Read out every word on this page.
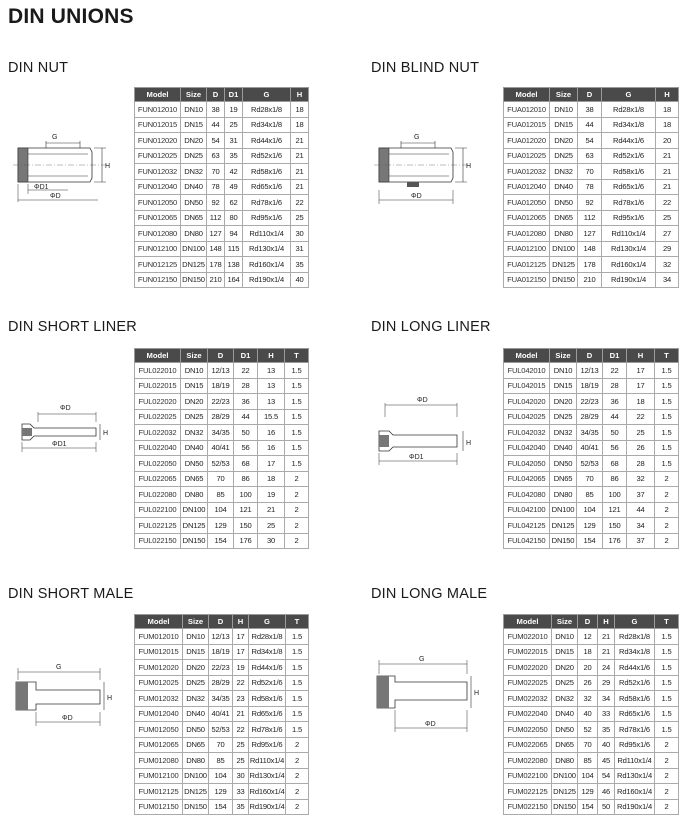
DIN UNIONS
DIN NUT
G
H
ΦD1
ΦD
Model	Size	D	D1	G	H
FUN012010	DN10	38	19	Rd28x1/8	18
FUN012015	DN15	44	25	Rd34x1/8	18
FUN012020	DN20	54	31	Rd44x1/6	21
FUN012025	DN25	63	35	Rd52x1/6	21
FUN012032	DN32	70	42	Rd58x1/6	21
FUN012040	DN40	78	49	Rd65x1/6	21
FUN012050	DN50	92	62	Rd78x1/6	22
FUN012065	DN65	112	80	Rd95x1/6	25
FUN012080	DN80	127	94	Rd110x1/4	30
FUN012100	DN100	148	115	Rd130x1/4	31
FUN012125	DN125	178	138	Rd160x1/4	35
FUN012150	DN150	210	164	Rd190x1/4	40
DIN BLIND NUT
G
H
ΦD
Model	Size	D	G	H
FUA012010	DN10	38	Rd28x1/8	18
FUA012015	DN15	44	Rd34x1/8	18
FUA012020	DN20	54	Rd44x1/6	20
FUA012025	DN25	63	Rd52x1/6	21
FUA012032	DN32	70	Rd58x1/6	21
FUA012040	DN40	78	Rd65x1/6	21
FUA012050	DN50	92	Rd78x1/6	22
FUA012065	DN65	112	Rd95x1/6	25
FUA012080	DN80	127	Rd110x1/4	27
FUA012100	DN100	148	Rd130x1/4	29
FUA012125	DN125	178	Rd160x1/4	32
FUA012150	DN150	210	Rd190x1/4	34
DIN SHORT LINER
ΦD
H
ΦD1
Model	Size	D	D1	H	T
FUL022010	DN10	12/13	22	13	1.5
FUL022015	DN15	18/19	28	13	1.5
FUL022020	DN20	22/23	36	13	1.5
FUL022025	DN25	28/29	44	15.5	1.5
FUL022032	DN32	34/35	50	16	1.5
FUL022040	DN40	40/41	56	16	1.5
FUL022050	DN50	52/53	68	17	1.5
FUL022065	DN65	70	86	18	2
FUL022080	DN80	85	100	19	2
FUL022100	DN100	104	121	21	2
FUL022125	DN125	129	150	25	2
FUL022150	DN150	154	176	30	2
DIN LONG LINER
ΦD
H
ΦD1
Model	Size	D	D1	H	T
FUL042010	DN10	12/13	22	17	1.5
FUL042015	DN15	18/19	28	17	1.5
FUL042020	DN20	22/23	36	18	1.5
FUL042025	DN25	28/29	44	22	1.5
FUL042032	DN32	34/35	50	25	1.5
FUL042040	DN40	40/41	56	26	1.5
FUL042050	DN50	52/53	68	28	1.5
FUL042065	DN65	70	86	32	2
FUL042080	DN80	85	100	37	2
FUL042100	DN100	104	121	44	2
FUL042125	DN125	129	150	34	2
FUL042150	DN150	154	176	37	2
DIN SHORT MALE
G
H
ΦD
Model	Size	D	H	G	T
FUM012010	DN10	12/13	17	Rd28x1/8	1.5
FUM012015	DN15	18/19	17	Rd34x1/8	1.5
FUM012020	DN20	22/23	19	Rd44x1/6	1.5
FUM012025	DN25	28/29	22	Rd52x1/6	1.5
FUM012032	DN32	34/35	23	Rd58x1/6	1.5
FUM012040	DN40	40/41	21	Rd65x1/6	1.5
FUM012050	DN50	52/53	22	Rd78x1/6	1.5
FUM012065	DN65	70	25	Rd95x1/6	2
FUM012080	DN80	85	25	Rd110x1/4	2
FUM012100	DN100	104	30	Rd130x1/4	2
FUM012125	DN125	129	33	Rd160x1/4	2
FUM012150	DN150	154	35	Rd190x1/4	2
DIN LONG MALE
G
H
ΦD
Model	Size	D	H	G	T
FUM022010	DN10	12	21	Rd28x1/8	1.5
FUM022015	DN15	18	21	Rd34x1/8	1.5
FUM022020	DN20	20	24	Rd44x1/6	1.5
FUM022025	DN25	26	29	Rd52x1/6	1.5
FUM022032	DN32	32	34	Rd58x1/6	1.5
FUM022040	DN40	40	33	Rd65x1/6	1.5
FUM022050	DN50	52	35	Rd78x1/6	1.5
FUM022065	DN65	70	40	Rd95x1/6	2
FUM022080	DN80	85	45	Rd110x1/4	2
FUM022100	DN100	104	54	Rd130x1/4	2
FUM022125	DN125	129	46	Rd160x1/4	2
FUM022150	DN150	154	50	Rd190x1/4	2
